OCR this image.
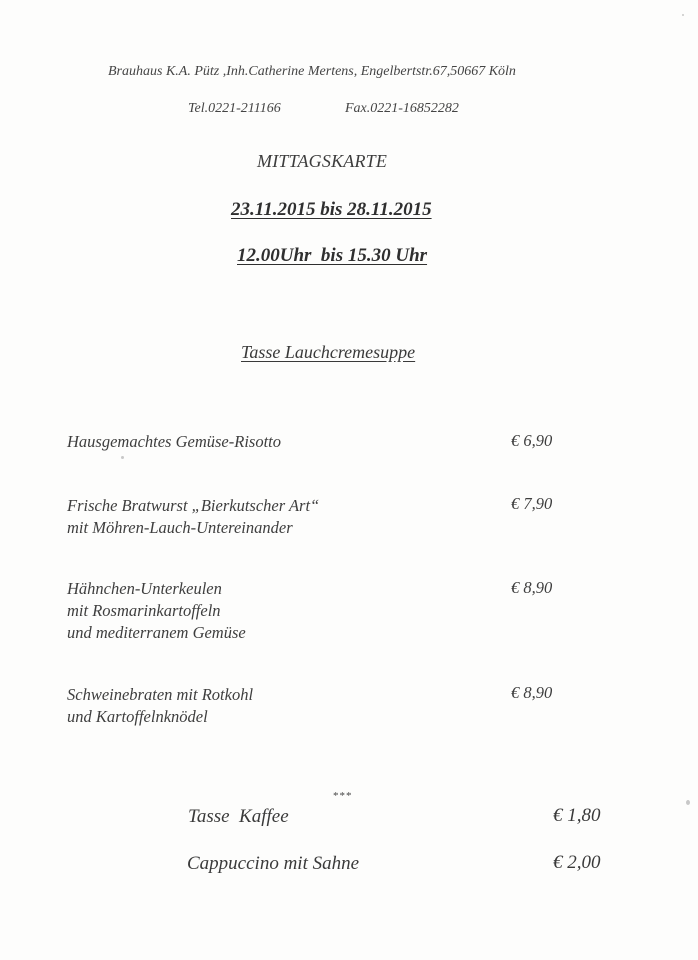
Brauhaus K.A. Pütz ,Inh.Catherine Mertens, Engelbertstr.67,50667 Köln
Tel.0221-211166	Fax.0221-16852282
MITTAGSKARTE
23.11.2015 bis 28.11.2015
12.00Uhr  bis 15.30 Uhr
Tasse Lauchcremesuppe
Hausgemachtes Gemüse-Risotto	€ 6,90
Frische Bratwurst „Bierkutscher Art“
mit Möhren-Lauch-Untereinander
€ 7,90
Hähnchen-Unterkeulen
mit Rosmarinkartoffeln
und mediterranem Gemüse
€ 8,90
Schweinebraten mit Rotkohl
und Kartoffelnknödel
€ 8,90
***
Tasse  Kaffee	€ 1,80
Cappuccino mit Sahne	€ 2,00
